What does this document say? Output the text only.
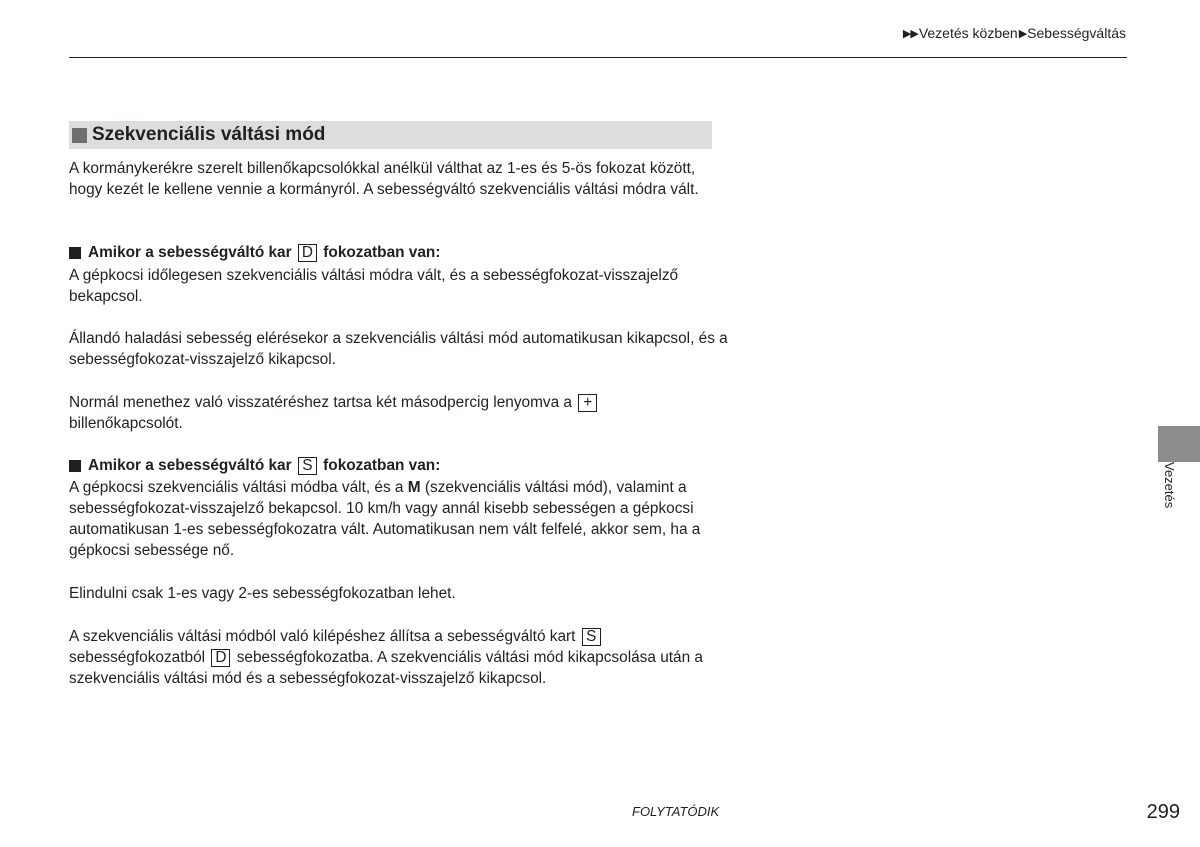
▶▶ Vezetés közben ▶ Sebességváltás
Szekvenciális váltási mód

A kormánykerékre szerelt billenőkapcsolókkal anélkül válthat az 1-es és 5-ös fokozat között, hogy kezét le kellene vennie a kormányról. A sebességváltó szekvenciális váltási módra vált.

Amikor a sebességváltó kar
D
fokozatban van:

A gépkocsi időlegesen szekvenciális váltási módra vált, és a sebességfokozat-visszajelző bekapcsol.

Állandó haladási sebesség elérésekor a szekvenciális váltási mód automatikusan kikapcsol, és a sebességfokozat-visszajelző kikapcsol.

Normál menethez való visszatéréshez tartsa két másodpercig lenyomva a +
billenőkapcsolót.

Amikor a sebességváltó kar
S
fokozatban van:

A gépkocsi szekvenciális váltási módba vált, és a M (szekvenciális váltási mód), valamint a sebességfokozat-visszajelző bekapcsol. 10 km/h vagy annál kisebb sebességen a gépkocsi automatikusan 1-es sebességfokozatra vált. Automatikusan nem vált felfelé, akkor sem, ha a gépkocsi sebessége nő.

Elindulni csak 1-es vagy 2-es sebességfokozatban lehet.

A szekvenciális váltási módból való kilépéshez állítsa a sebességváltó kart S
sebességfokozatból D sebességfokozatba. A szekvenciális váltási mód kikapcsolása után a szekvenciális váltási mód és a sebességfokozat-visszajelző kikapcsol.

Vezetés
FOLYTATÓDIK	299
